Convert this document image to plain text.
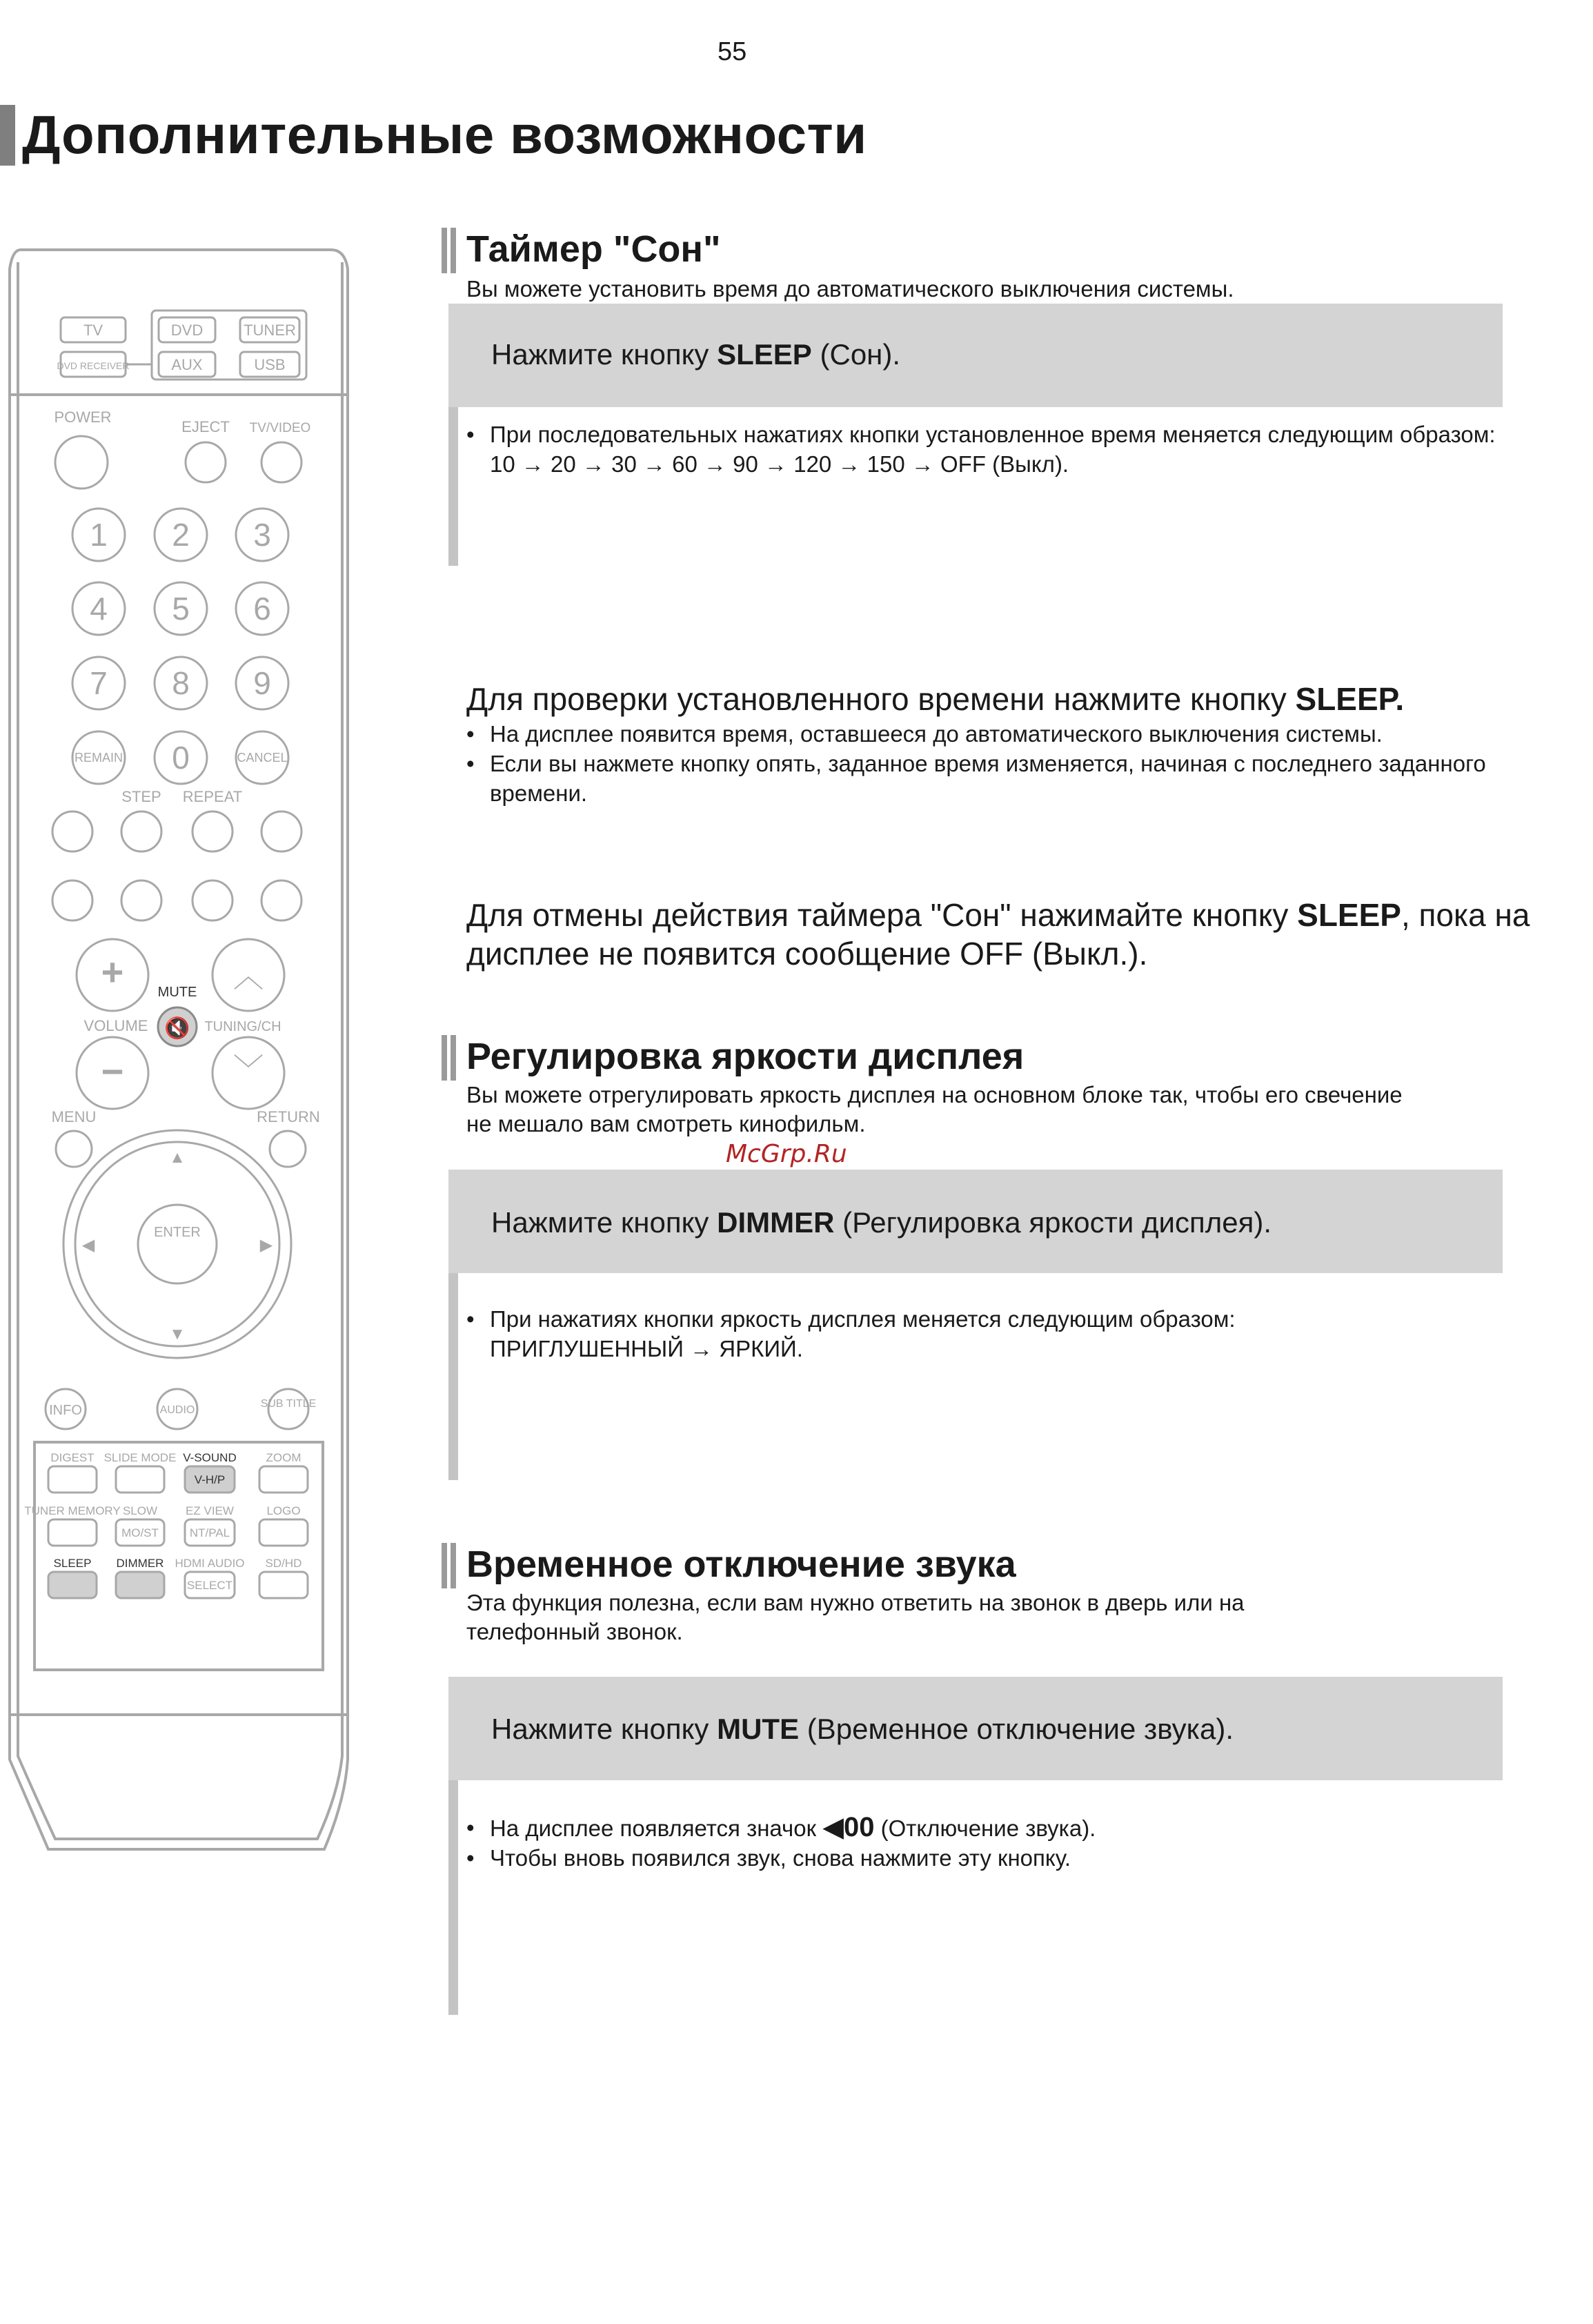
55
Дополнительные возможности
TV	DVD	TUNER
DVD RECEIVER	AUX	USB
POWER
EJECT TV/VIDEO
STEP REPEAT
MUTE
VOLUME	TUNING/CH
MENU	RETURN
ENTER
INFO	AUDIO
SUB TITLE
🔇
+
−
︿
﹀
▲
▼
◀	▶
1 2 3
4 5 6
7 8 9
REMAIN 0	CANCEL
DIGEST SLIDE MODE V-SOUND	ZOOM
TUNER MEMORY SLOW EZ VIEW	LOGO
SLEEP DIMMER HDMI AUDIO SD/HD
V-H/P
MO/ST	NT/PAL
SELECT
Таймер "Сон"
Вы можете установить время до автоматического выключения системы.
Нажмите кнопку SLEEP (Сон).
• При последовательных нажатиях кнопки установленное время меняется следующим образом: 10 → 20 → 30 → 60 → 90 → 120 → 150 → OFF (Выкл).
Для проверки установленного времени нажмите кнопку SLEEP.
• На дисплее появится время, оставшееся до автоматического выключения системы.
• Если вы нажмете кнопку опять, заданное время изменяется, начиная с последнего заданного времени.
Для отмены действия таймера "Сон" нажимайте кнопку SLEEP, пока на дисплее не появится сообщение OFF (Выкл.).
Регулировка яркости дисплея
Вы можете отрегулировать яркость дисплея на основном блоке так, чтобы его свечение не мешало вам смотреть кинофильм.
McGrp.Ru
Нажмите кнопку DIMMER (Регулировка яркости дисплея).
• При нажатиях кнопки яркость дисплея меняется следующим образом: ПРИГЛУШЕННЫЙ → ЯРКИЙ.
Временное отключение звука
Эта функция полезна, если вам нужно ответить на звонок в дверь или на телефонный звонок.
Нажмите кнопку MUTE (Временное отключение звука).
• На дисплее появляется значок ◀00 (Отключение звука).
• Чтобы вновь появился звук, снова нажмите эту кнопку.
